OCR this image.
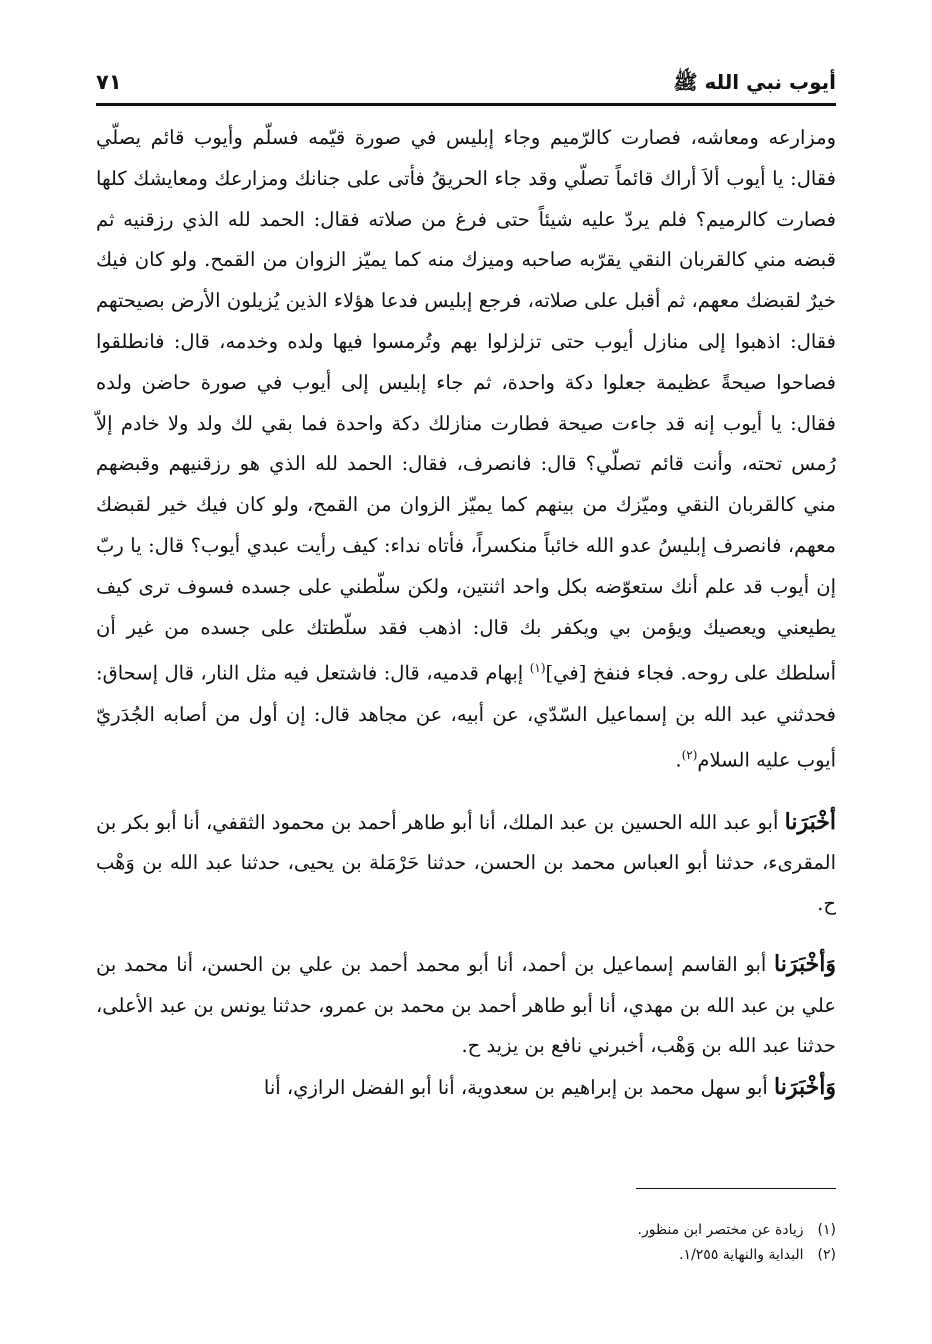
أيوب نبي الله ﷺ
٧١

ومزارعه ومعاشه، فصارت كالرّميم وجاء إبليس في صورة قيّمه فسلّم وأيوب قائم يصلّي فقال: يا أيوب ألاَ أراك قائماً تصلّي وقد جاء الحريقُ فأتى على جنانك ومزارعك ومعايشك كلها فصارت كالرميم؟ فلم يردّ عليه شيئاً حتى فرغ من صلاته فقال: الحمد لله الذي رزقنيه ثم قبضه مني كالقربان النقي يقرّبه صاحبه وميزك منه كما يميّز الزوان من القمح. ولو كان فيك خيرٌ لقبضك معهم، ثم أقبل على صلاته، فرجع إبليس فدعا هؤلاء الذين يُزيلون الأرض بصيحتهم فقال: اذهبوا إلى منازل أيوب حتى تزلزلوا بهم وتُرمسوا فيها ولده وخدمه، قال: فانطلقوا فصاحوا صيحةً عظيمة جعلوا دكة واحدة، ثم جاء إبليس إلى أيوب في صورة حاضن ولده فقال: يا أيوب إنه قد جاءت صيحة فطارت منازلك دكة واحدة فما بقي لك ولد ولا خادم إلاّ رُمس تحته، وأنت قائم تصلّي؟ قال: فانصرف، فقال: الحمد لله الذي هو رزقنيهم وقبضهم مني كالقربان النقي وميّزك من بينهم كما يميّز الزوان من القمح، ولو كان فيك خير لقبضك معهم، فانصرف إبليسُ عدو الله خائباً منكسراً، فأتاه نداء: كيف رأيت عبدي أيوب؟ قال: يا ربّ إن أيوب قد علم أنك ستعوّضه بكل واحد اثنتين، ولكن سلّطني على جسده فسوف ترى كيف يطيعني ويعصيك ويؤمن بي ويكفر بك قال: اذهب فقد سلّطتك على جسده من غير أن أسلطك على روحه. فجاء فنفخ [في]$^{(١)}$ إبهام قدميه، قال: فاشتعل فيه مثل النار، قال إسحاق: فحدثني عبد الله بن إسماعيل السّدّي، عن أبيه، عن مجاهد قال: إن أول من أصابه الجُدَريّ أيوب عليه السلام$^{(٢)}$.

أخْبَرَنا أبو عبد الله الحسين بن عبد الملك، أنا أبو طاهر أحمد بن محمود الثقفي، أنا أبو بكر بن المقرىء، حدثنا أبو العباس محمد بن الحسن، حدثنا حَرْمَلة بن يحيى، حدثنا عبد الله بن وَهْب ح.

وَأخْبَرَنا أبو القاسم إسماعيل بن أحمد، أنا أبو محمد أحمد بن علي بن الحسن، أنا محمد بن علي بن عبد الله بن مهدي، أنا أبو طاهر أحمد بن محمد بن عمرو، حدثنا يونس بن عبد الأعلى، حدثنا عبد الله بن وَهْب، أخبرني نافع بن يزيد ح.

وَأخْبَرَنا أبو سهل محمد بن إبراهيم بن سعدوية، أنا أبو الفضل الرازي، أنا

(١)زيادة عن مختصر ابن منظور.

(٢)البداية والنهاية ١/٢٥٥.
